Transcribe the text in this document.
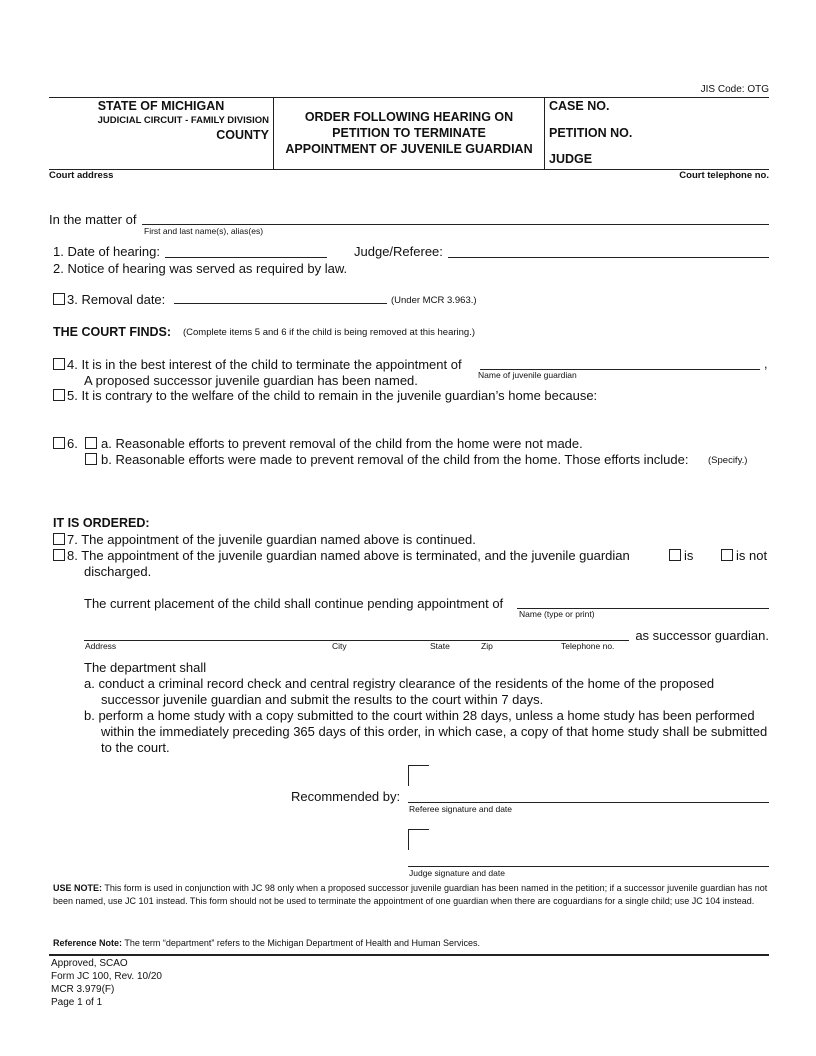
JIS Code: OTG
STATE OF MICHIGAN
JUDICIAL CIRCUIT - FAMILY DIVISION
COUNTY
ORDER FOLLOWING HEARING ON
PETITION TO TERMINATE
APPOINTMENT OF JUVENILE GUARDIAN
CASE NO.
PETITION NO.
JUDGE
Court address	Court telephone no.
In the matter of
First and last name(s), alias(es)
1. Date of hearing:	Judge/Referee:
2. Notice of hearing was served as required by law.
3. Removal date:	(Under MCR 3.963.)
THE COURT FINDS: (Complete items 5 and 6 if the child is being removed at this hearing.)
4. It is in the best interest of the child to terminate the appointment of	,
Name of juvenile guardian
A proposed successor juvenile guardian has been named.
5. It is contrary to the welfare of the child to remain in the juvenile guardian’s home because:
6. a. Reasonable efforts to prevent removal of the child from the home were not made.
b. Reasonable efforts were made to prevent removal of the child from the home. Those efforts include: (Specify.)
IT IS ORDERED:
7. The appointment of the juvenile guardian named above is continued.
8. The appointment of the juvenile guardian named above is terminated, and the juvenile guardian	is	is not
discharged.
The current placement of the child shall continue pending appointment of
Name (type or print)
Address	City	State	Zip	Telephone no.
as successor guardian.
The department shall
a. conduct a criminal record check and central registry clearance of the residents of the home of the proposed
successor juvenile guardian and submit the results to the court within 7 days.
b. perform a home study with a copy submitted to the court within 28 days, unless a home study has been performed
within the immediately preceding 365 days of this order, in which case, a copy of that home study shall be submitted
to the court.
Recommended by:
Referee signature and date
Judge signature and date
USE NOTE: This form is used in conjunction with JC 98 only when a proposed successor juvenile guardian has been named in the petition; if a successor juvenile guardian has not been named, use JC 101 instead. This form should not be used to terminate the appointment of one guardian when there are coguardians for a single child; use JC 104 instead.
Reference Note: The term “department” refers to the Michigan Department of Health and Human Services.
Approved, SCAO
Form JC 100, Rev. 10/20
MCR 3.979(F)
Page 1 of 1
